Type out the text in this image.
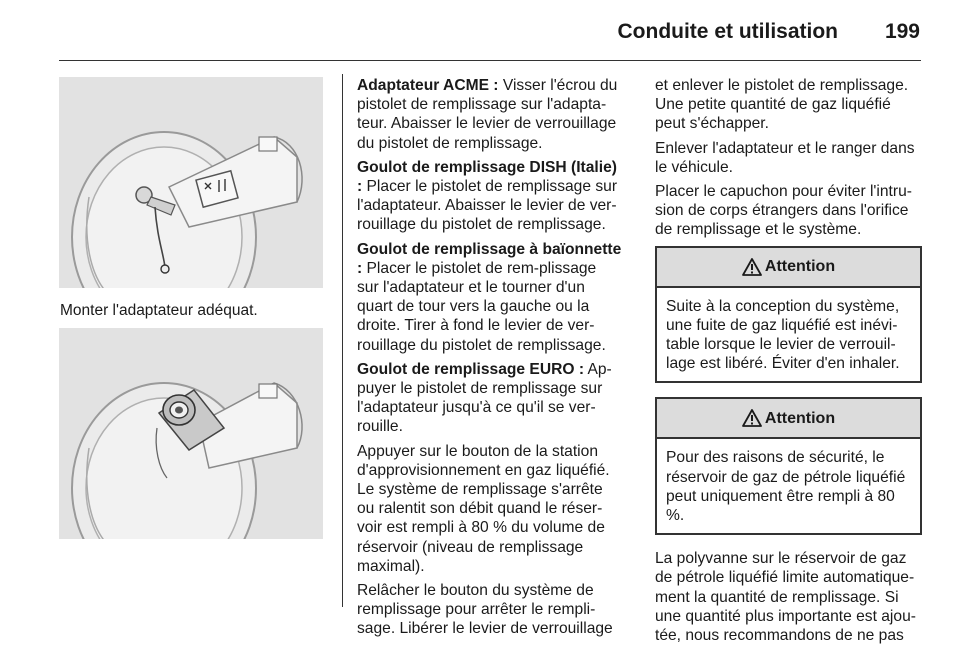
Conduite et utilisation 199
Monter l'adaptateur adéquat.

Adaptateur ACME : Visser l'écrou du pistolet de remplissage sur l'adapta-teur. Abaisser le levier de verrouillage du pistolet de remplissage.

Goulot de remplissage DISH (Italie) : Placer le pistolet de remplissage sur l'adaptateur. Abaisser le levier de ver-rouillage du pistolet de remplissage.

Goulot de remplissage à baïonnette : Placer le pistolet de rem-plissage sur l'adaptateur et le tourner d'un quart de tour vers la gauche ou la droite. Tirer à fond le levier de ver-rouillage du pistolet de remplissage.

Goulot de remplissage EURO : Ap-puyer le pistolet de remplissage sur l'adaptateur jusqu'à ce qu'il se ver-rouille.

Appuyer sur le bouton de la station d'approvisionnement en gaz liquéfié. Le système de remplissage s'arrête ou ralentit son débit quand le réser-voir est rempli à 80 % du volume de réservoir (niveau de remplissage maximal).

Relâcher le bouton du système de remplissage pour arrêter le rempli-sage. Libérer le levier de verrouillage

et enlever le pistolet de remplissage. Une petite quantité de gaz liquéfié peut s'échapper.

Enlever l'adaptateur et le ranger dans le véhicule.

Placer le capuchon pour éviter l'intru-sion de corps étrangers dans l'orifice de remplissage et le système.

Attention
Suite à la conception du système, une fuite de gaz liquéfié est inévi-table lorsque le levier de verrouil-lage est libéré. Éviter d'en inhaler.
Attention
Pour des raisons de sécurité, le réservoir de gaz de pétrole liquéfié peut uniquement être rempli à 80 %.

La polyvanne sur le réservoir de gaz de pétrole liquéfié limite automatique-ment la quantité de remplissage. Si une quantité plus importante est ajou-tée, nous recommandons de ne pas
